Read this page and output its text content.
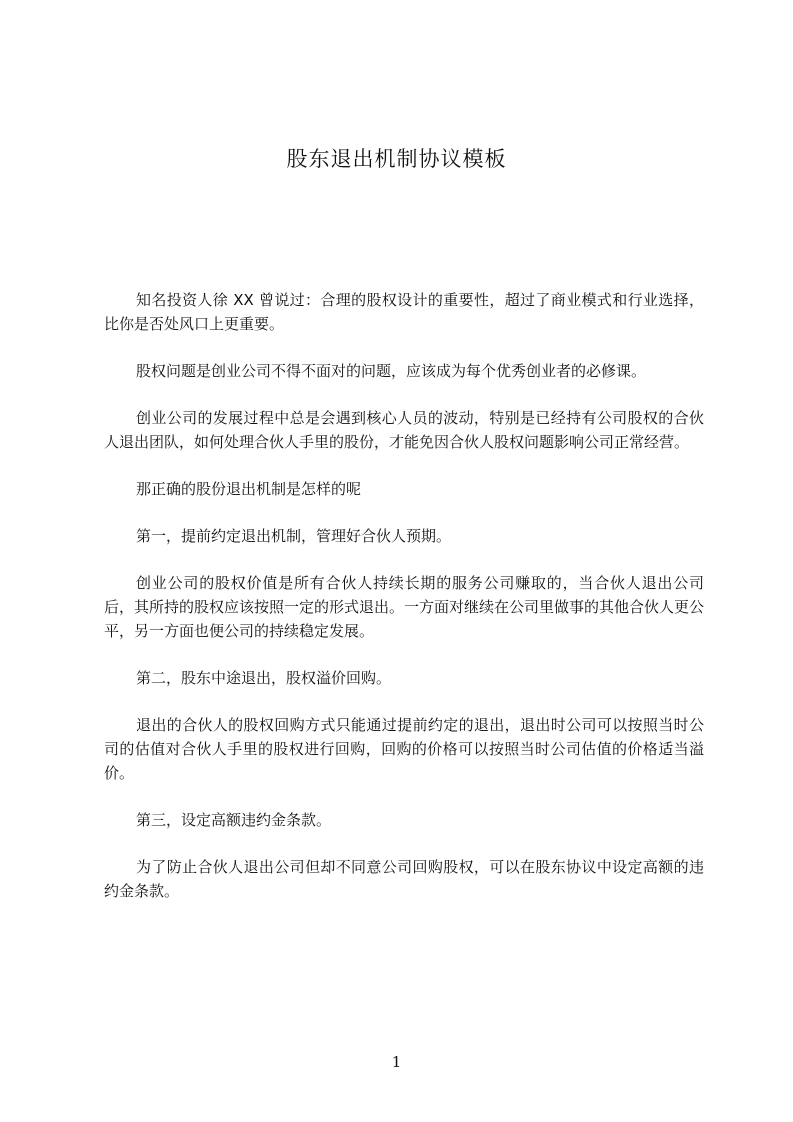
股东退出机制协议模板

知名投资人徐 XX 曾说过：合理的股权设计的重要性，超过了商业模式和行业选择，比你是否处风口上更重要。

股权问题是创业公司不得不面对的问题，应该成为每个优秀创业者的必修课。

创业公司的发展过程中总是会遇到核心人员的波动，特别是已经持有公司股权的合伙人退出团队，如何处理合伙人手里的股份，才能免因合伙人股权问题影响公司正常经营。

那正确的股份退出机制是怎样的呢

第一，提前约定退出机制，管理好合伙人预期。

创业公司的股权价值是所有合伙人持续长期的服务公司赚取的，当合伙人退出公司后，其所持的股权应该按照一定的形式退出。一方面对继续在公司里做事的其他合伙人更公平，另一方面也便公司的持续稳定发展。

第二，股东中途退出，股权溢价回购。

退出的合伙人的股权回购方式只能通过提前约定的退出，退出时公司可以按照当时公司的估值对合伙人手里的股权进行回购，回购的价格可以按照当时公司估值的价格适当溢价。

第三，设定高额违约金条款。

为了防止合伙人退出公司但却不同意公司回购股权，可以在股东协议中设定高额的违约金条款。

1
